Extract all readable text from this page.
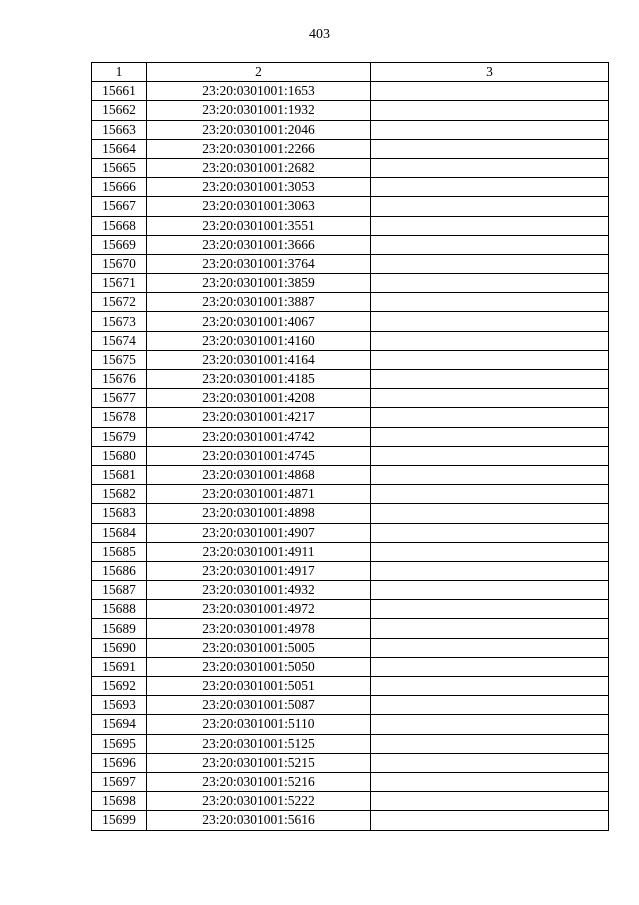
403
1	2	3
15661	23:20:0301001:1653	
15662	23:20:0301001:1932	
15663	23:20:0301001:2046	
15664	23:20:0301001:2266	
15665	23:20:0301001:2682	
15666	23:20:0301001:3053	
15667	23:20:0301001:3063	
15668	23:20:0301001:3551	
15669	23:20:0301001:3666	
15670	23:20:0301001:3764	
15671	23:20:0301001:3859	
15672	23:20:0301001:3887	
15673	23:20:0301001:4067	
15674	23:20:0301001:4160	
15675	23:20:0301001:4164	
15676	23:20:0301001:4185	
15677	23:20:0301001:4208	
15678	23:20:0301001:4217	
15679	23:20:0301001:4742	
15680	23:20:0301001:4745	
15681	23:20:0301001:4868	
15682	23:20:0301001:4871	
15683	23:20:0301001:4898	
15684	23:20:0301001:4907	
15685	23:20:0301001:4911	
15686	23:20:0301001:4917	
15687	23:20:0301001:4932	
15688	23:20:0301001:4972	
15689	23:20:0301001:4978	
15690	23:20:0301001:5005	
15691	23:20:0301001:5050	
15692	23:20:0301001:5051	
15693	23:20:0301001:5087	
15694	23:20:0301001:5110	
15695	23:20:0301001:5125	
15696	23:20:0301001:5215	
15697	23:20:0301001:5216	
15698	23:20:0301001:5222	
15699	23:20:0301001:5616	
